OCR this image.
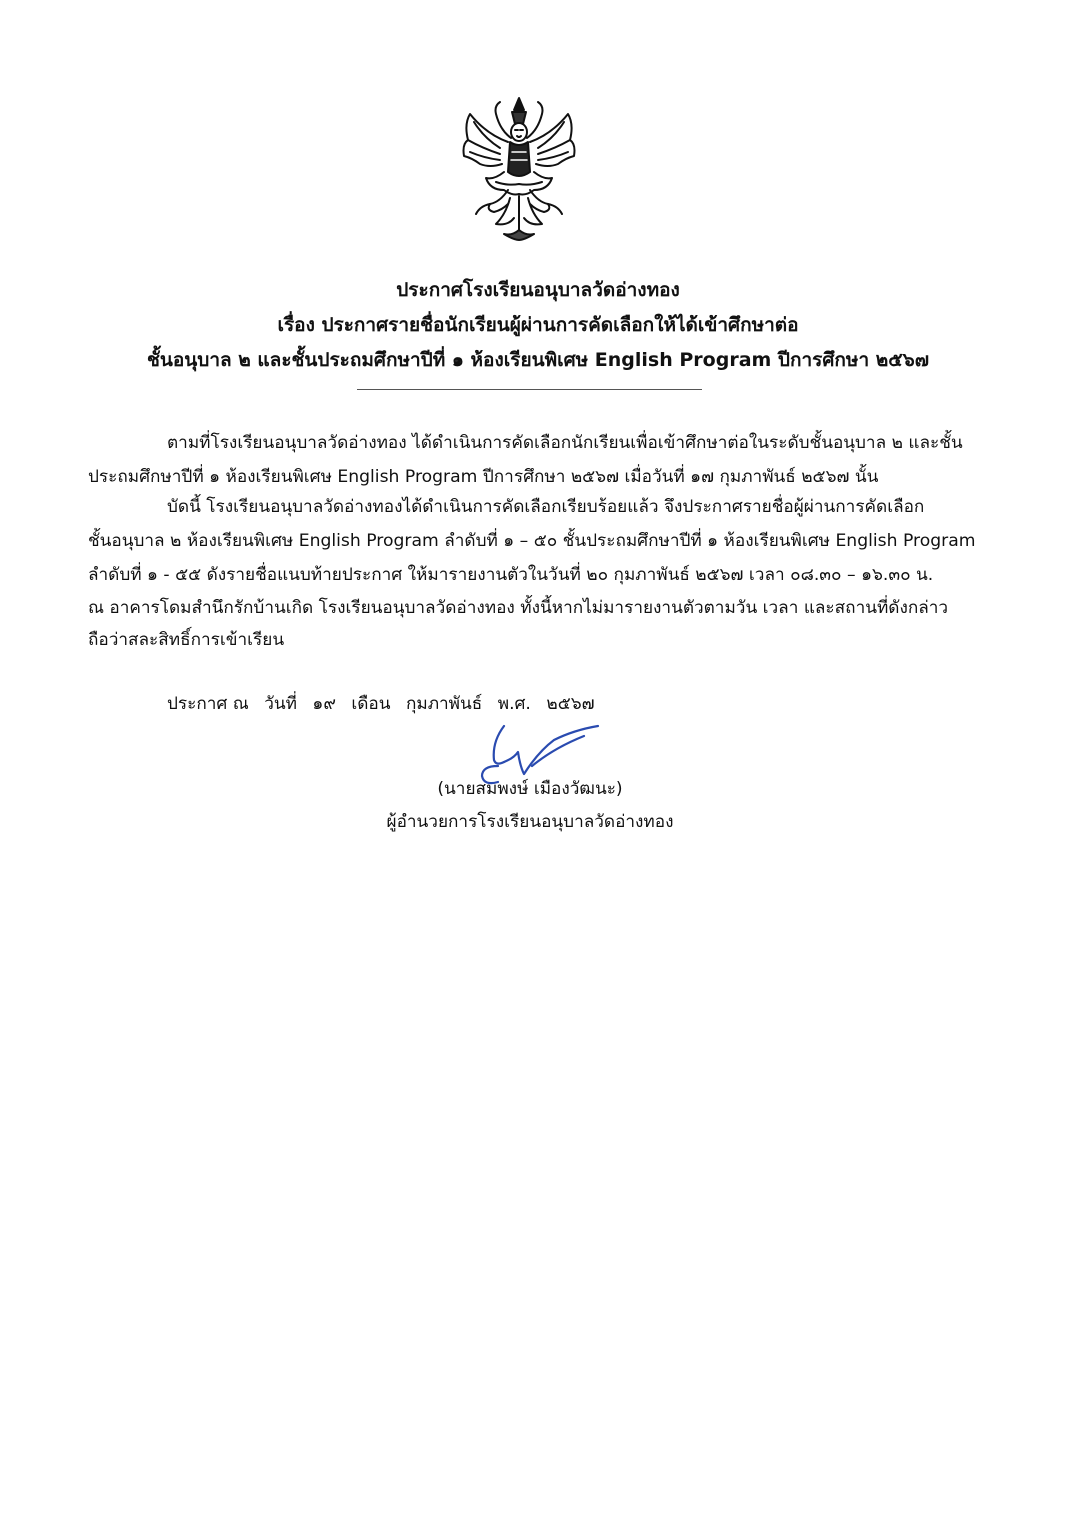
ประกาศโรงเรียนอนุบาลวัดอ่างทอง
เรื่อง ประกาศรายชื่อนักเรียนผู้ผ่านการคัดเลือกให้ได้เข้าศึกษาต่อ
ชั้นอนุบาล ๒ และชั้นประถมศึกษาปีที่ ๑ ห้องเรียนพิเศษ English Program ปีการศึกษา ๒๕๖๗
ตามที่โรงเรียนอนุบาลวัดอ่างทอง ได้ดำเนินการคัดเลือกนักเรียนเพื่อเข้าศึกษาต่อในระดับชั้นอนุบาล ๒ และชั้น
ประถมศึกษาปีที่ ๑ ห้องเรียนพิเศษ English Program ปีการศึกษา ๒๕๖๗ เมื่อวันที่ ๑๗ กุมภาพันธ์ ๒๕๖๗ นั้น
บัดนี้ โรงเรียนอนุบาลวัดอ่างทองได้ดำเนินการคัดเลือกเรียบร้อยแล้ว จึงประกาศรายชื่อผู้ผ่านการคัดเลือก
ชั้นอนุบาล ๒ ห้องเรียนพิเศษ English Program ลำดับที่ ๑ – ๕๐ ชั้นประถมศึกษาปีที่ ๑ ห้องเรียนพิเศษ English Program
ลำดับที่ ๑ - ๕๕ ดังรายชื่อแนบท้ายประกาศ ให้มารายงานตัวในวันที่ ๒๐ กุมภาพันธ์ ๒๕๖๗ เวลา ๐๘.๓๐ – ๑๖.๓๐ น.
ณ อาคารโดมสำนึกรักบ้านเกิด โรงเรียนอนุบาลวัดอ่างทอง ทั้งนี้หากไม่มารายงานตัวตามวัน เวลา และสถานที่ดังกล่าว
ถือว่าสละสิทธิ์การเข้าเรียน
ประกาศ ณ วันที่ ๑๙ เดือน กุมภาพันธ์ พ.ศ. ๒๕๖๗
(นายสมพงษ์ เมืองวัฒนะ)
ผู้อำนวยการโรงเรียนอนุบาลวัดอ่างทอง
